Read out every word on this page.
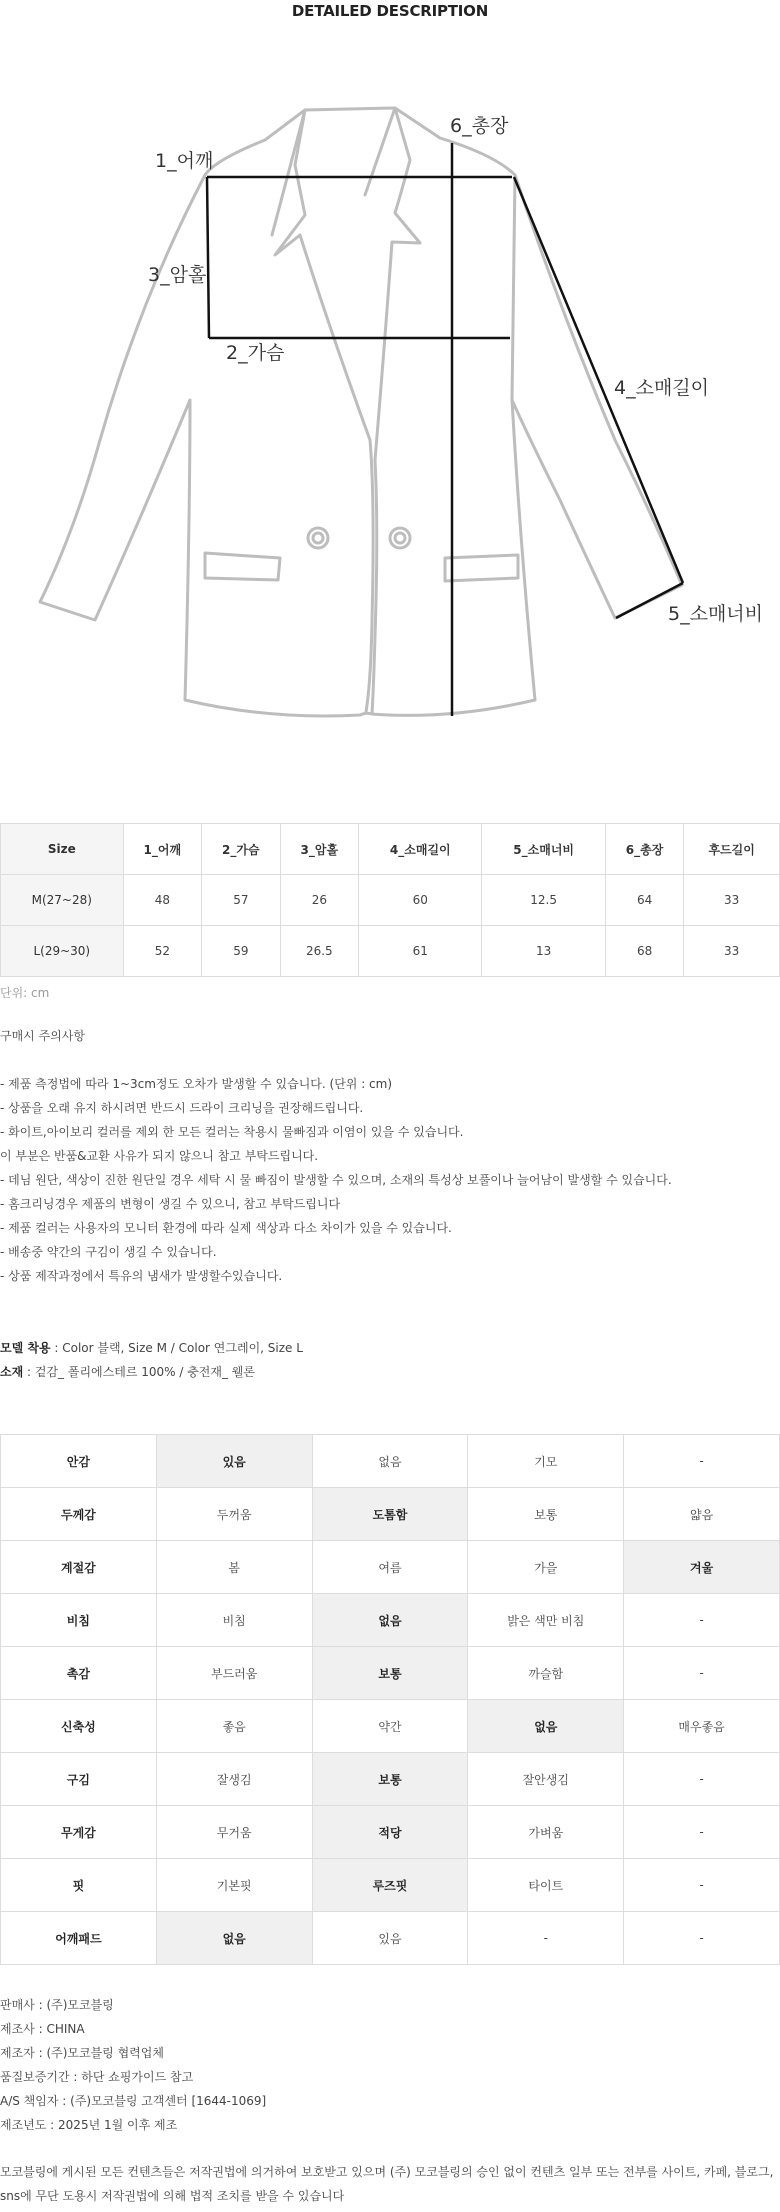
DETAILED DESCRIPTION
1_어깨
3_암홀
2_가슴
6_총장
4_소매길이
5_소매너비
Size	1_어깨	2_가슴	3_암홀	4_소매길이	5_소매너비	6_총장	후드길이
M(27~28)	48	57	26	60	12.5	64	33
L(29~30)	52	59	26.5	61	13	68	33
단위: cm
구매시 주의사항
- 제품 측정법에 따라 1~3cm정도 오차가 발생할 수 있습니다. (단위 : cm)
- 상품을 오래 유지 하시려면 반드시 드라이 크리닝을 권장해드립니다.
- 화이트,아이보리 컬러를 제외 한 모든 컬러는 착용시 물빠짐과 이염이 있을 수 있습니다.
이 부분은 반품&교환 사유가 되지 않으니 참고 부탁드립니다.
- 데님 원단, 색상이 진한 원단일 경우 세탁 시 물 빠짐이 발생할 수 있으며, 소재의 특성상 보풀이나 늘어남이 발생할 수 있습니다.
- 홈크리닝경우 제품의 변형이 생길 수 있으니, 참고 부탁드립니다
- 제품 컬러는 사용자의 모니터 환경에 따라 실제 색상과 다소 차이가 있을 수 있습니다.
- 배송중 약간의 구김이 생길 수 있습니다.
- 상품 제작과정에서 특유의 냄새가 발생할수있습니다.
모델 착용 : Color 블랙, Size M / Color 연그레이, Size L
소재 : 겉감_ 폴리에스테르 100% / 충전재_ 웰론
안감	있음	없음	기모	-
두께감	두꺼움	도톰함	보통	얇음
계절감	봄	여름	가을	겨울
비침	비침	없음	밝은 색만 비침	-
촉감	부드러움	보통	까슬함	-
신축성	좋음	약간	없음	매우좋음
구김	잘생김	보통	잘안생김	-
무게감	무거움	적당	가벼움	-
핏	기본핏	루즈핏	타이트	-
어깨패드	없음	있음	-	-
판매사 : (주)모코블링
제조사 : CHINA
제조자 : (주)모코블링 협력업체
품질보증기간 : 하단 쇼핑가이드 참고
A/S 책임자 : (주)모코블링 고객센터 [1644-1069]
제조년도 : 2025년 1월 이후 제조
모코블링에 게시된 모든 컨텐츠들은 저작권법에 의거하여 보호받고 있으며 (주) 모코블링의 승인 없이 컨텐츠 일부 또는 전부를 사이트, 카페, 블로그, sns에 무단 도용시 저작권법에 의해 법적 조치를 받을 수 있습니다
